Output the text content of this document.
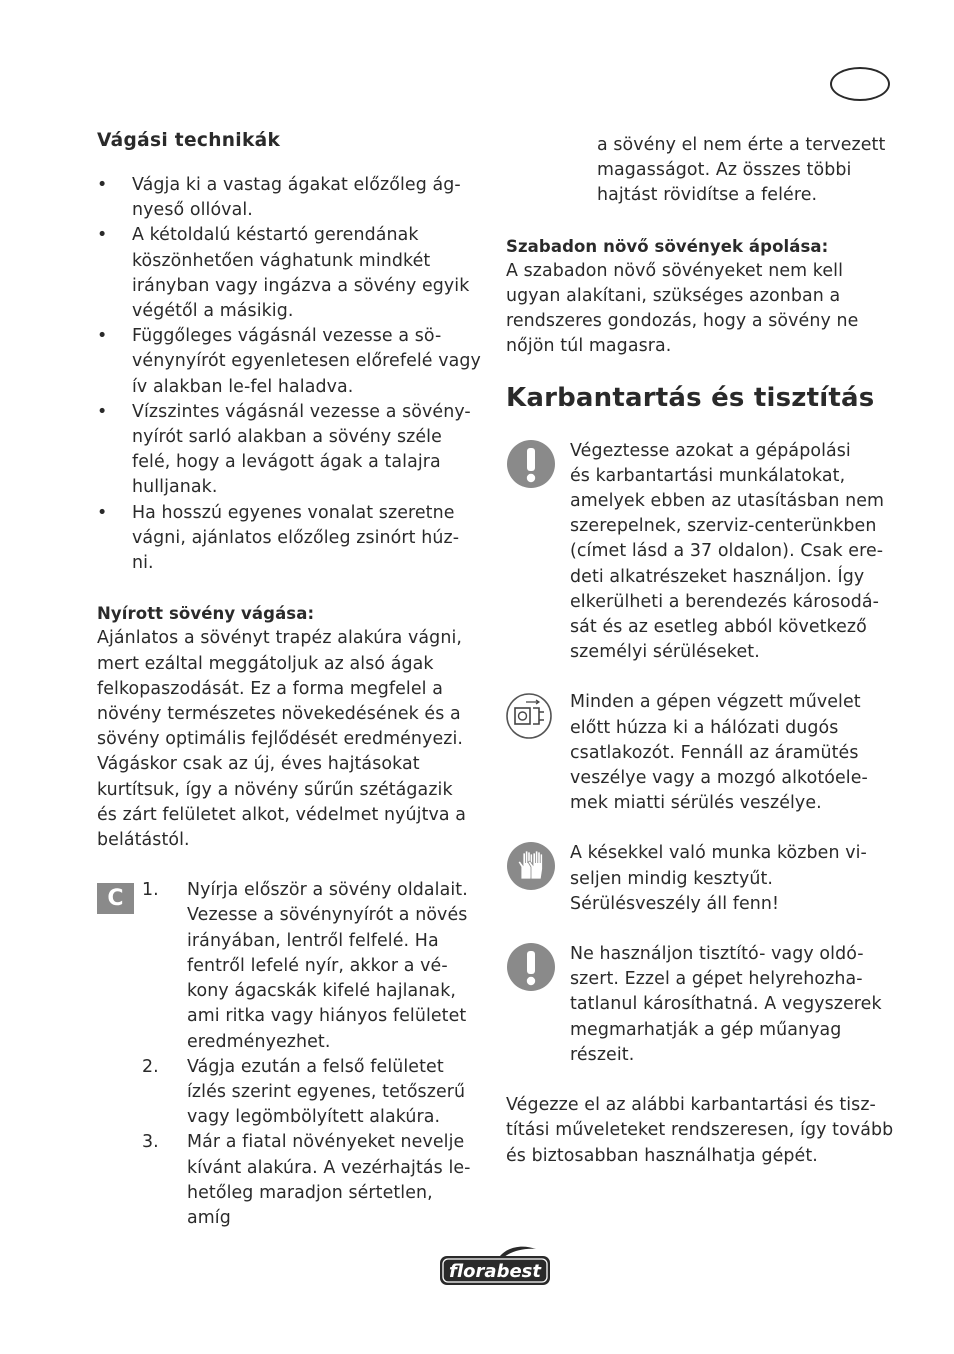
Vágási technikák
• Vágja ki a vastag ágakat előzőleg ág-
nyeső ollóval.
• A kétoldalú késtartó gerendának
köszönhetően vághatunk mindkét
irányban vagy ingázva a sövény egyik
végétől a másikig.
• Függőleges vágásnál vezesse a sö-
vénynyírót egyenletesen előrefelé vagy
ív alakban le-fel haladva.
• Vízszintes vágásnál vezesse a sövény-
nyírót sarló alakban a sövény széle
felé, hogy a levágott ágak a talajra
hulljanak.
• Ha hosszú egyenes vonalat szeretne
vágni, ajánlatos előzőleg zsinórt húz-
ni.
Nyírott sövény vágása:

Ajánlatos a sövényt trapéz alakúra vágni,
mert ezáltal meggátoljuk az alsó ágak
felkopaszodását. Ez a forma megfelel a
növény természetes növekedésének és a
sövény optimális fejlődését eredményezi.
Vágáskor csak az új, éves hajtásokat
kurtítsuk, így a növény sűrűn szétágazik
és zárt felületet alkot, védelmet nyújtva a
belátástól.

C	1. Nyírja először a sövény oldalait.
Vezesse a sövénynyírót a növés
irányában, lentről felfelé. Ha
fentről lefelé nyír, akkor a vé-
kony ágacskák kifelé hajlanak,
ami ritka vagy hiányos felületet
eredményezhet.
2. Vágja ezután a felső felületet
ízlés szerint egyenes, tetőszerű
vagy legömbölyített alakúra.
3. Már a fiatal növényeket nevelje
kívánt alakúra. A vezérhajtás le-
hetőleg maradjon sértetlen, amíg

a sövény el nem érte a tervezett
magasságot. Az összes többi
hajtást rövidítse a felére.

Szabadon növő sövények ápolása:

A szabadon növő sövényeket nem kell
ugyan alakítani, szükséges azonban a
rendszeres gondozás, hogy a sövény ne
nőjön túl magasra.

Karbantartás és tisztítás

Végeztesse azokat a gépápolási
és karbantartási munkálatokat,
amelyek ebben az utasításban nem
szerepelnek, szerviz-centerünkben
(címet lásd a 37 oldalon). Csak ere-
deti alkatrészeket használjon. Így
elkerülheti a berendezés károsodá-
sát és az esetleg abból következő
személyi sérüléseket.

Minden a gépen végzett művelet
előtt húzza ki a hálózati dugós
csatlakozót. Fennáll az áramütés
veszélye vagy a mozgó alkotóele-
mek miatti sérülés veszélye.

A késekkel való munka közben vi-
seljen mindig kesztyűt.
Sérülésveszély áll fenn!

Ne használjon tisztító- vagy oldó-
szert. Ezzel a gépet helyrehozha-
tatlanul károsíthatná. A vegyszerek
megmarhatják a gép műanyag
részeit.

Végezze el az alábbi karbantartási és tisz-
títási műveleteket rendszeresen, így tovább
és biztosabban használhatja gépét.

florabest
